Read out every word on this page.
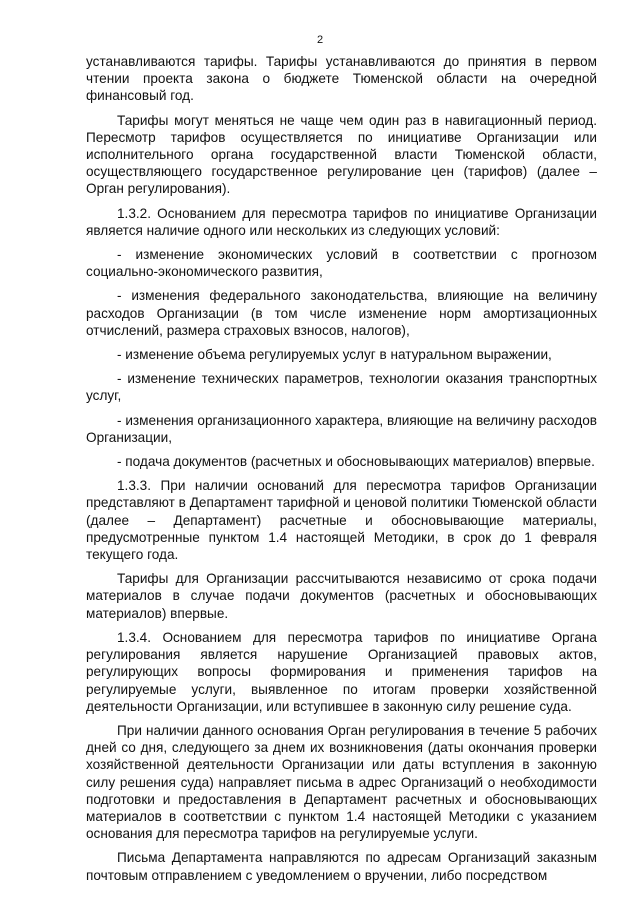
2

устанавливаются тарифы. Тарифы устанавливаются до принятия в первом чтении проекта закона о бюджете Тюменской области на очередной финансовый год.

Тарифы могут меняться не чаще чем один раз в навигационный период. Пересмотр тарифов осуществляется по инициативе Организации или исполнительного органа государственной власти Тюменской области, осуществляющего государственное регулирование цен (тарифов) (далее – Орган регулирования).

1.3.2. Основанием для пересмотра тарифов по инициативе Организации является наличие одного или нескольких из следующих условий:

- изменение экономических условий в соответствии с прогнозом социально-экономического развития,

- изменения федерального законодательства, влияющие на величину расходов Организации (в том числе изменение норм амортизационных отчислений, размера страховых взносов, налогов),

- изменение объема регулируемых услуг в натуральном выражении,

- изменение технических параметров, технологии оказания транспортных услуг,

- изменения организационного характера, влияющие на величину расходов Организации,

- подача документов (расчетных и обосновывающих материалов) впервые.

1.3.3. При наличии оснований для пересмотра тарифов Организации представляют в Департамент тарифной и ценовой политики Тюменской области (далее – Департамент) расчетные и обосновывающие материалы, предусмотренные пунктом 1.4 настоящей Методики, в срок до 1 февраля текущего года.

Тарифы для Организации рассчитываются независимо от срока подачи материалов в случае подачи документов (расчетных и обосновывающих материалов) впервые.

1.3.4. Основанием для пересмотра тарифов по инициативе Органа регулирования является нарушение Организацией правовых актов, регулирующих вопросы формирования и применения тарифов на регулируемые услуги, выявленное по итогам проверки хозяйственной деятельности Организации, или вступившее в законную силу решение суда.

При наличии данного основания Орган регулирования в течение 5 рабочих дней со дня, следующего за днем их возникновения (даты окончания проверки хозяйственной деятельности Организации или даты вступления в законную силу решения суда) направляет письма в адрес Организаций о необходимости подготовки и предоставления в Департамент расчетных и обосновывающих материалов в соответствии с пунктом 1.4 настоящей Методики с указанием основания для пересмотра тарифов на регулируемые услуги.

Письма Департамента направляются по адресам Организаций заказным почтовым отправлением с уведомлением о вручении, либо посредством
